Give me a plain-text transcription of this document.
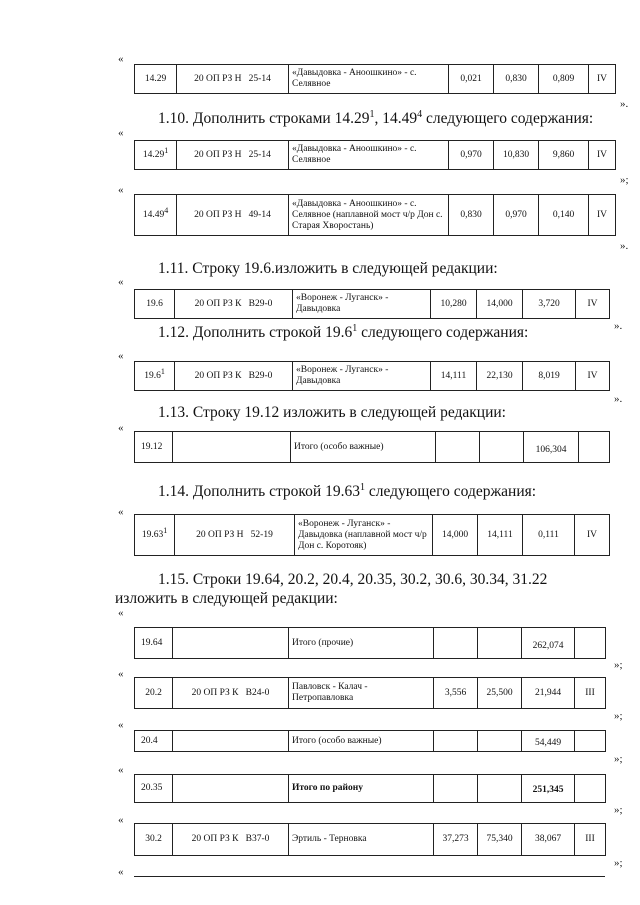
«
14.29	20 ОП РЗ Н 25-14	«Давыдовка - Аноошкино» - с. Селявное	0,021	0,830	0,809	IV
».
1.10. Дополнить строками 14.29$^1$, 14.49$^4$ следующего содержания:
«
14.29$^1$	20 ОП РЗ Н 25-14	«Давыдовка - Аноошкино» - с. Селявное	0,970	10,830	9,860	IV
»;
«
14.49$^4$	20 ОП РЗ Н 49-14	«Давыдовка - Аноошкино» - с. Селявное (наплавной мост ч/р Дон с. Старая Хворостань)	0,830	0,970	0,140	IV
».
1.11. Строку 19.6.изложить в следующей редакции:
«
19.6	20 ОП РЗ К В29-0	«Воронеж - Луганск» - Давыдовка	10,280	14,000	3,720	IV
».
1.12. Дополнить строкой 19.6$^1$ следующего содержания:
«
19.6$^1$	20 ОП РЗ К В29-0	«Воронеж - Луганск» - Давыдовка	14,111	22,130	8,019	IV
».
1.13. Строку 19.12 изложить в следующей редакции:
«
19.12		Итого (особо важные)			106,304	
1.14. Дополнить строкой 19.63$^1$ следующего содержания:
«
19.63$^1$	20 ОП РЗ Н 52-19	«Воронеж - Луганск» - Давыдовка (наплавной мост ч/р Дон с. Коротояк)	14,000	14,111	0,111	IV
1.15. Строки 19.64, 20.2, 20.4, 20.35, 30.2, 30.6, 30.34, 31.22 изложить в следующей редакции:
«
19.64		Итого (прочие)			262,074	
»;
«
20.2	20 ОП РЗ К В24-0	Павловск - Калач - Петропавловка	3,556	25,500	21,944	III
»;
«
20.4		Итого (особо важные)			54,449	
»;
«
20.35		Итого по району			251,345	
»;
«
30.2	20 ОП РЗ К В37-0	Эртиль - Терновка	37,273	75,340	38,067	III
»;
«
